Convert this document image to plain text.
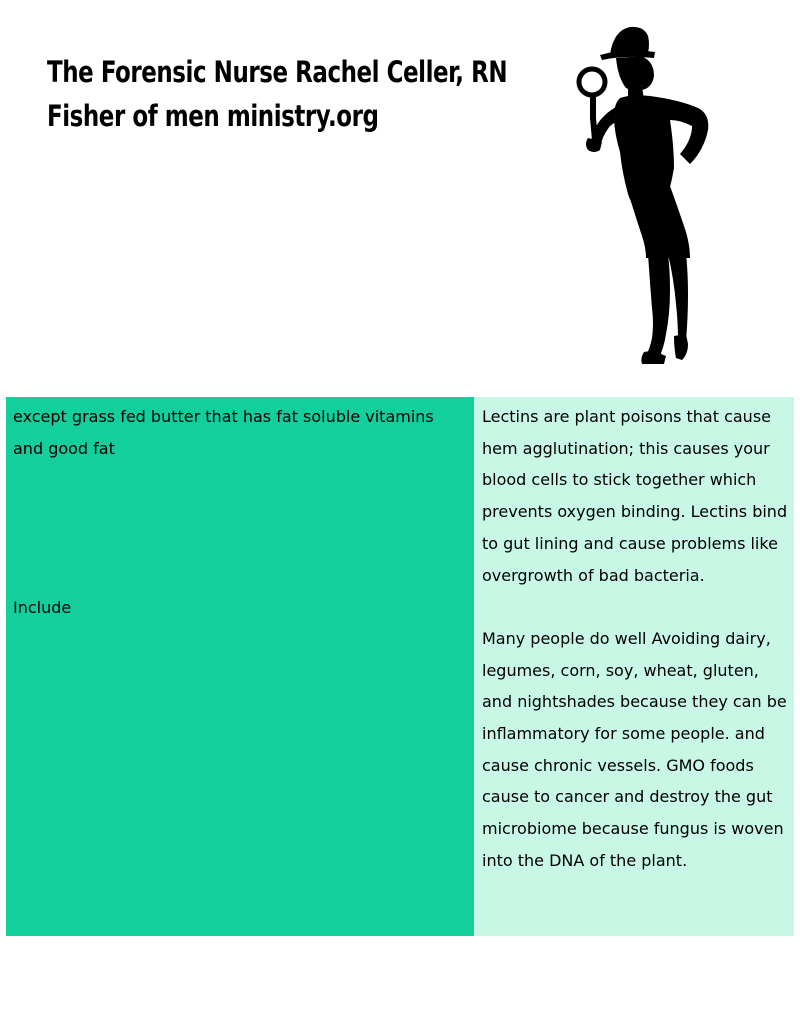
The Forensic Nurse Rachel Celler, RN
Fisher of men ministry.org
except grass fed butter that has fat soluble vitamins and good fat
Include

Lectins are plant poisons that cause hem agglutination; this causes your blood cells to stick together which prevents oxygen binding. Lectins bind to gut lining and cause problems like overgrowth of bad bacteria.

Many people do well Avoiding dairy, legumes, corn, soy, wheat, gluten, and nightshades because they can be inflammatory for some people. and cause chronic vessels. GMO foods cause to cancer and destroy the gut microbiome because fungus is woven into the DNA of the plant.
